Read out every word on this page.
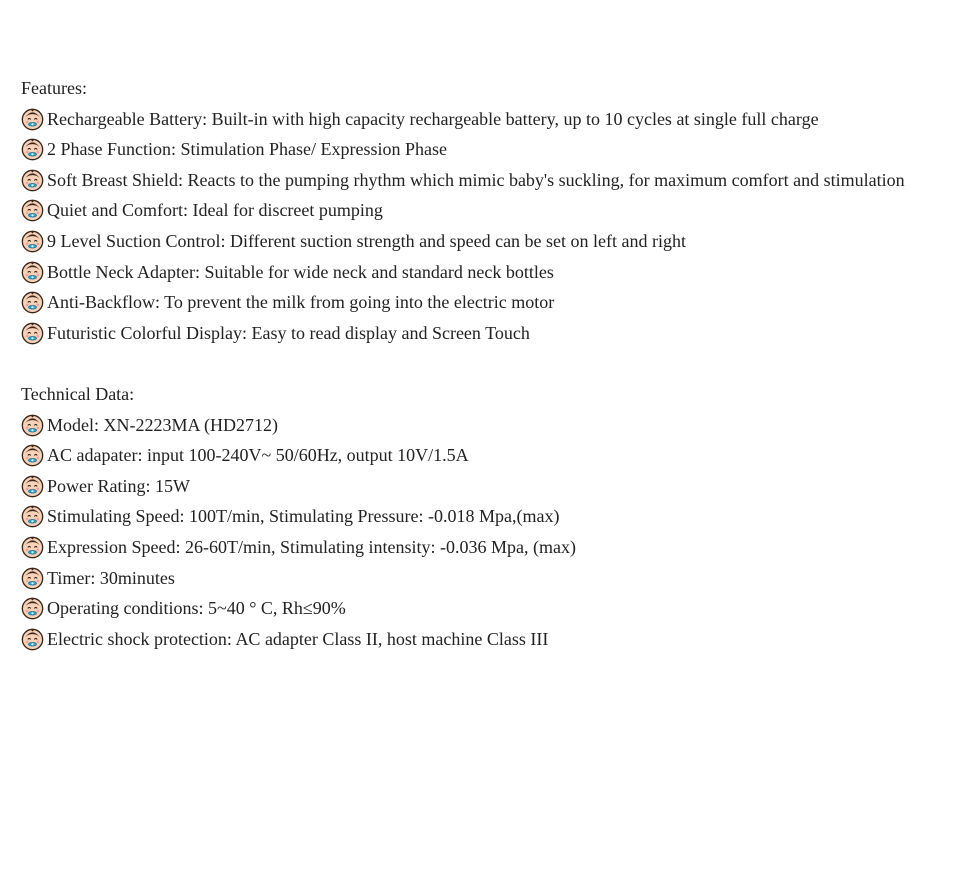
Features:
Rechargeable Battery: Built-in with high capacity rechargeable battery, up to 10 cycles at single full charge
2 Phase Function: Stimulation Phase/ Expression Phase
Soft Breast Shield: Reacts to the pumping rhythm which mimic baby's suckling, for maximum comfort and stimulation
Quiet and Comfort: Ideal for discreet pumping
9 Level Suction Control: Different suction strength and speed can be set on left and right
Bottle Neck Adapter: Suitable for wide neck and standard neck bottles
Anti-Backflow: To prevent the milk from going into the electric motor
Futuristic Colorful Display: Easy to read display and Screen Touch
Technical Data:
Model: XN-2223MA (HD2712)
AC adapater: input 100-240V~ 50/60Hz, output 10V/1.5A
Power Rating: 15W
Stimulating Speed: 100T/min, Stimulating Pressure: -0.018 Mpa,(max)
Expression Speed: 26-60T/min, Stimulating intensity: -0.036 Mpa, (max)
Timer: 30minutes
Operating conditions: 5~40 ° C, Rh≤90%
Electric shock protection: AC adapter Class II, host machine Class III
